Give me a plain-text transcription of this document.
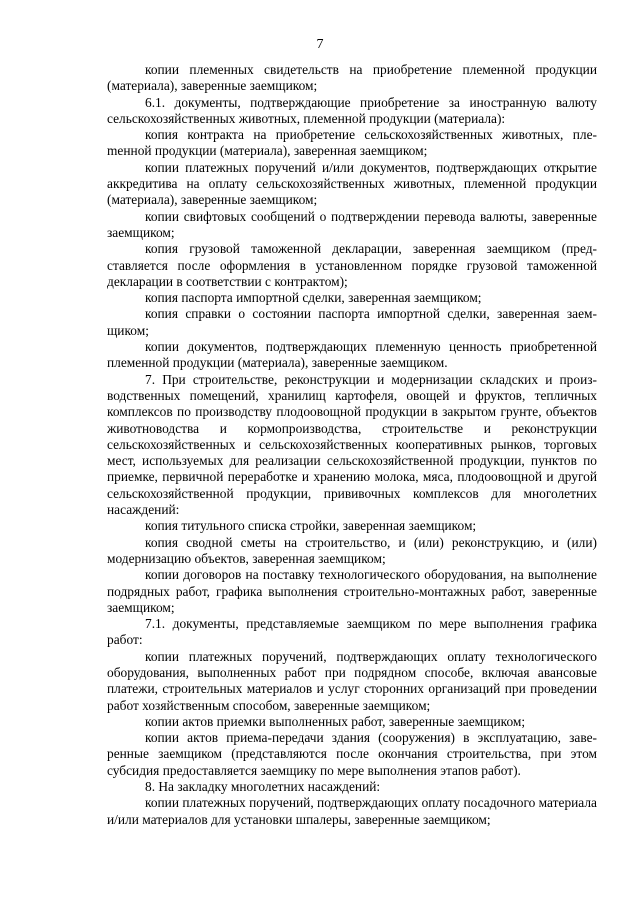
7

копии племенных свидетельств на приобретение племенной продукции (материала), заверенные заемщиком;

6.1. документы, подтверждающие приобретение за иностранную валюту сельскохозяйственных животных, племенной продукции (материала):

копия контракта на приобретение сельскохозяйственных животных, плеmенной продукции (материала), заверенная заемщиком;

копии платежных поручений и/или документов, подтверждающих открытие аккредитива на оплату сельскохозяйственных животных, племенной продукции (материала), заверенные заемщиком;

копии свифтовых сообщений о подтверждении перевода валюты, заверенные заемщиком;

копия грузовой таможенной декларации, заверенная заемщиком (представляется после оформления в установленном порядке грузовой таможенной декларации в соответствии с контрактом);

копия паспорта импортной сделки, заверенная заемщиком;

копия справки о состоянии паспорта импортной сделки, заверенная заемщиком;

копии документов, подтверждающих племенную ценность приобретенной племенной продукции (материала), заверенные заемщиком.

7. При строительстве, реконструкции и модернизации складских и производственных помещений, хранилищ картофеля, овощей и фруктов, тепличных комплексов по производству плодоовощной продукции в закрытом грунте, объектов животноводства и кормопроизводства, строительстве и реконструкции сельскохозяйственных и сельскохозяйственных кооперативных рынков, торговых мест, используемых для реализации сельскохозяйственной продукции, пунктов по приемке, первичной переработке и хранению молока, мяса, плодоовощной и другой сельскохозяйственной продукции, прививочных комплексов для многолетних насаждений:

копия титульного списка стройки, заверенная заемщиком;

копия сводной сметы на строительство, и (или) реконструкцию, и (или) модернизацию объектов, заверенная заемщиком;

копии договоров на поставку технологического оборудования, на выполнение подрядных работ, графика выполнения строительно-монтажных работ, заверенные заемщиком;

7.1. документы, представляемые заемщиком по мере выполнения графика работ:

копии платежных поручений, подтверждающих оплату технологического оборудования, выполненных работ при подрядном способе, включая авансовые платежи, строительных материалов и услуг сторонних организаций при проведении работ хозяйственным способом, заверенные заемщиком;

копии актов приемки выполненных работ, заверенные заемщиком;

копии актов приема-передачи здания (сооружения) в эксплуатацию, заверенные заемщиком (представляются после окончания строительства, при этом субсидия предоставляется заемщику по мере выполнения этапов работ).

8. На закладку многолетних насаждений:

копии платежных поручений, подтверждающих оплату посадочного материала и/или материалов для установки шпалеры, заверенные заемщиком;
